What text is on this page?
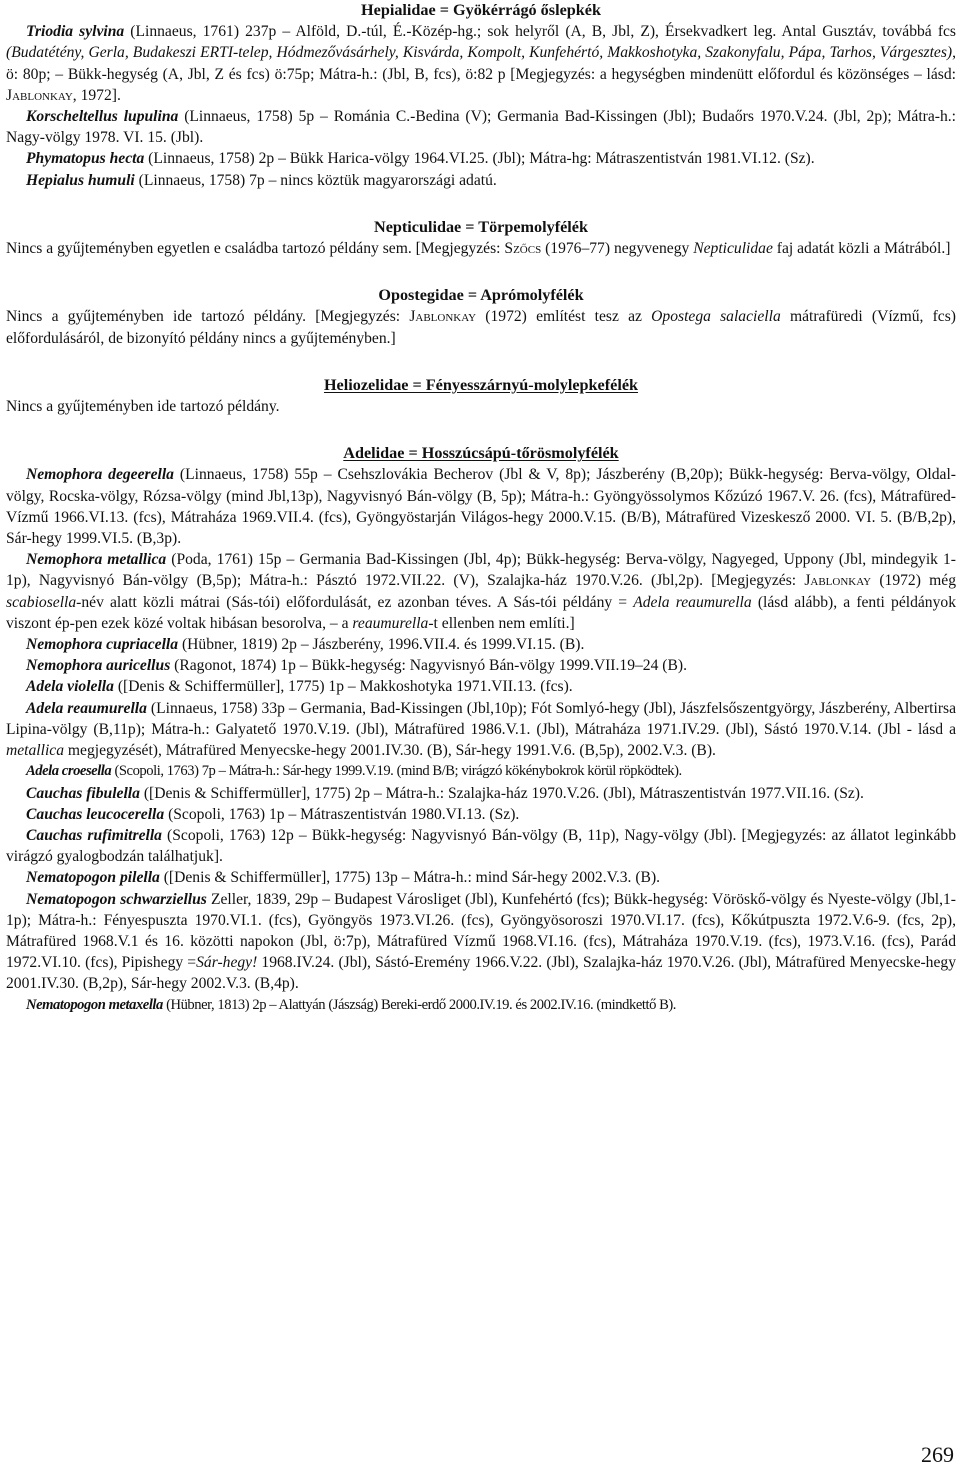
Hepialidae = Gyökérrágó őslepkék

Triodia sylvina (Linnaeus, 1761) 237p – Alföld, D.-túl, É.-Közép-hg.; sok helyről (A, B, Jbl, Z), Érsekvadkert leg. Antal Gusztáv, továbbá fcs (Budatétény, Gerla, Budakeszi ERTI-telep, Hódmezővásárhely, Kisvárda, Kompolt, Kunfehértó, Makkoshotyka, Szakonyfalu, Pápa, Tarhos, Várgesztes), ö: 80p; – Bükk-hegység (A, Jbl, Z és fcs) ö:75p; Mátra-h.: (Jbl, B, fcs), ö:82 p [Megjegyzés: a hegységben mindenütt előfordul és közönséges – lásd: Jablonkay, 1972].

Korscheltellus lupulina (Linnaeus, 1758) 5p – Románia C.-Bedina (V); Germania Bad-Kissingen (Jbl); Budaőrs 1970.V.24. (Jbl, 2p); Mátra-h.: Nagy-völgy 1978. VI. 15. (Jbl).

Phymatopus hecta (Linnaeus, 1758) 2p – Bükk Harica-völgy 1964.VI.25. (Jbl); Mátra-hg: Mátraszentistván 1981.VI.12. (Sz).

Hepialus humuli (Linnaeus, 1758) 7p – nincs köztük magyarországi adatú.

Nepticulidae = Törpemolyfélék

Nincs a gyűjteményben egyetlen e családba tartozó példány sem. [Megjegyzés: Szőcs (1976–77) negyvenegy Nepticulidae faj adatát közli a Mátrából.]

Opostegidae = Aprómolyfélék

Nincs a gyűjteményben ide tartozó példány. [Megjegyzés: Jablonkay (1972) említést tesz az Opostega salaciella mátrafüredi (Vízmű, fcs) előfordulásáról, de bizonyító példány nincs a gyűjteményben.]

Heliozelidae = Fényesszárnyú-molylepkefélék

Nincs a gyűjteményben ide tartozó példány.

Adelidae = Hosszúcsápú-tőrösmolyfélék

Nemophora degeerella (Linnaeus, 1758) 55p – Csehszlovákia Becherov (Jbl & V, 8p); Jászberény (B,20p); Bükk-hegység: Berva-völgy, Oldal-völgy, Rocska-völgy, Rózsa-völgy (mind Jbl,13p), Nagyvisnyó Bán-völgy (B, 5p); Mátra-h.: Gyöngyössolymos Kőzúzó 1967.V. 26. (fcs), Mátrafüred-Vízmű 1966.VI.13. (fcs), Mátraháza 1969.VII.4. (fcs), Gyöngyöstarján Világos-hegy 2000.V.15. (B/B), Mátrafüred Vizeskesző 2000. VI. 5. (B/B,2p), Sár-hegy 1999.VI.5. (B,3p).

Nemophora metallica (Poda, 1761) 15p – Germania Bad-Kissingen (Jbl, 4p); Bükk-hegység: Berva-völgy, Nagyeged, Uppony (Jbl, mindegyik 1-1p), Nagyvisnyó Bán-völgy (B,5p); Mátra-h.: Pásztó 1972.VII.22. (V), Szalajka-ház 1970.V.26. (Jbl,2p). [Megjegyzés: Jablonkay (1972) még scabiosella-név alatt közli mátrai (Sás-tói) előfordulását, ez azonban téves. A Sás-tói példány = Adela reaumurella (lásd alább), a fenti példányok viszont ép-pen ezek közé voltak hibásan besorolva, – a reaumurella-t ellenben nem említi.]

Nemophora cupriacella (Hübner, 1819) 2p – Jászberény, 1996.VII.4. és 1999.VI.15. (B).

Nemophora auricellus (Ragonot, 1874) 1p – Bükk-hegység: Nagyvisnyó Bán-völgy 1999.VII.19–24 (B).

Adela violella ([Denis & Schiffermüller], 1775) 1p – Makkoshotyka 1971.VII.13. (fcs).

Adela reaumurella (Linnaeus, 1758) 33p – Germania, Bad-Kissingen (Jbl,10p); Fót Somlyó-hegy (Jbl), Jászfelsőszentgyörgy, Jászberény, Albertirsa Lipina-völgy (B,11p); Mátra-h.: Galyatető 1970.V.19. (Jbl), Mátrafüred 1986.V.1. (Jbl), Mátraháza 1971.IV.29. (Jbl), Sástó 1970.V.14. (Jbl - lásd a metallica megjegyzését), Mátrafüred Menyecske-hegy 2001.IV.30. (B), Sár-hegy 1991.V.6. (B,5p), 2002.V.3. (B).

Adela croesella (Scopoli, 1763) 7p – Mátra-h.: Sár-hegy 1999.V.19. (mind B/B; virágzó kökénybokrok körül röpködtek).

Cauchas fibulella ([Denis & Schiffermüller], 1775) 2p – Mátra-h.: Szalajka-ház 1970.V.26. (Jbl), Mátraszentistván 1977.VII.16. (Sz).

Cauchas leucocerella (Scopoli, 1763) 1p – Mátraszentistván 1980.VI.13. (Sz).

Cauchas rufimitrella (Scopoli, 1763) 12p – Bükk-hegység: Nagyvisnyó Bán-völgy (B, 11p), Nagy-völgy (Jbl). [Megjegyzés: az állatot leginkább virágzó gyalogbodzán találhatjuk].

Nematopogon pilella ([Denis & Schiffermüller], 1775) 13p – Mátra-h.: mind Sár-hegy 2002.V.3. (B).

Nematopogon schwarziellus Zeller, 1839, 29p – Budapest Városliget (Jbl), Kunfehértó (fcs); Bükk-hegység: Vöröskő-völgy és Nyeste-völgy (Jbl,1-1p); Mátra-h.: Fényespuszta 1970.VI.1. (fcs), Gyöngyös 1973.VI.26. (fcs), Gyöngyösoroszi 1970.VI.17. (fcs), Kőkútpuszta 1972.V.6-9. (fcs, 2p), Mátrafüred 1968.V.1 és 16. közötti napokon (Jbl, ö:7p), Mátrafüred Vízmű 1968.VI.16. (fcs), Mátraháza 1970.V.19. (fcs), 1973.V.16. (fcs), Parád 1972.VI.10. (fcs), Pipishegy =Sár-hegy! 1968.IV.24. (Jbl), Sástó-Eremény 1966.V.22. (Jbl), Szalajka-ház 1970.V.26. (Jbl), Mátrafüred Menyecske-hegy 2001.IV.30. (B,2p), Sár-hegy 2002.V.3. (B,4p).

Nematopogon metaxella (Hübner, 1813) 2p – Alattyán (Jászság) Bereki-erdő 2000.IV.19. és 2002.IV.16. (mindkettő B).

269
